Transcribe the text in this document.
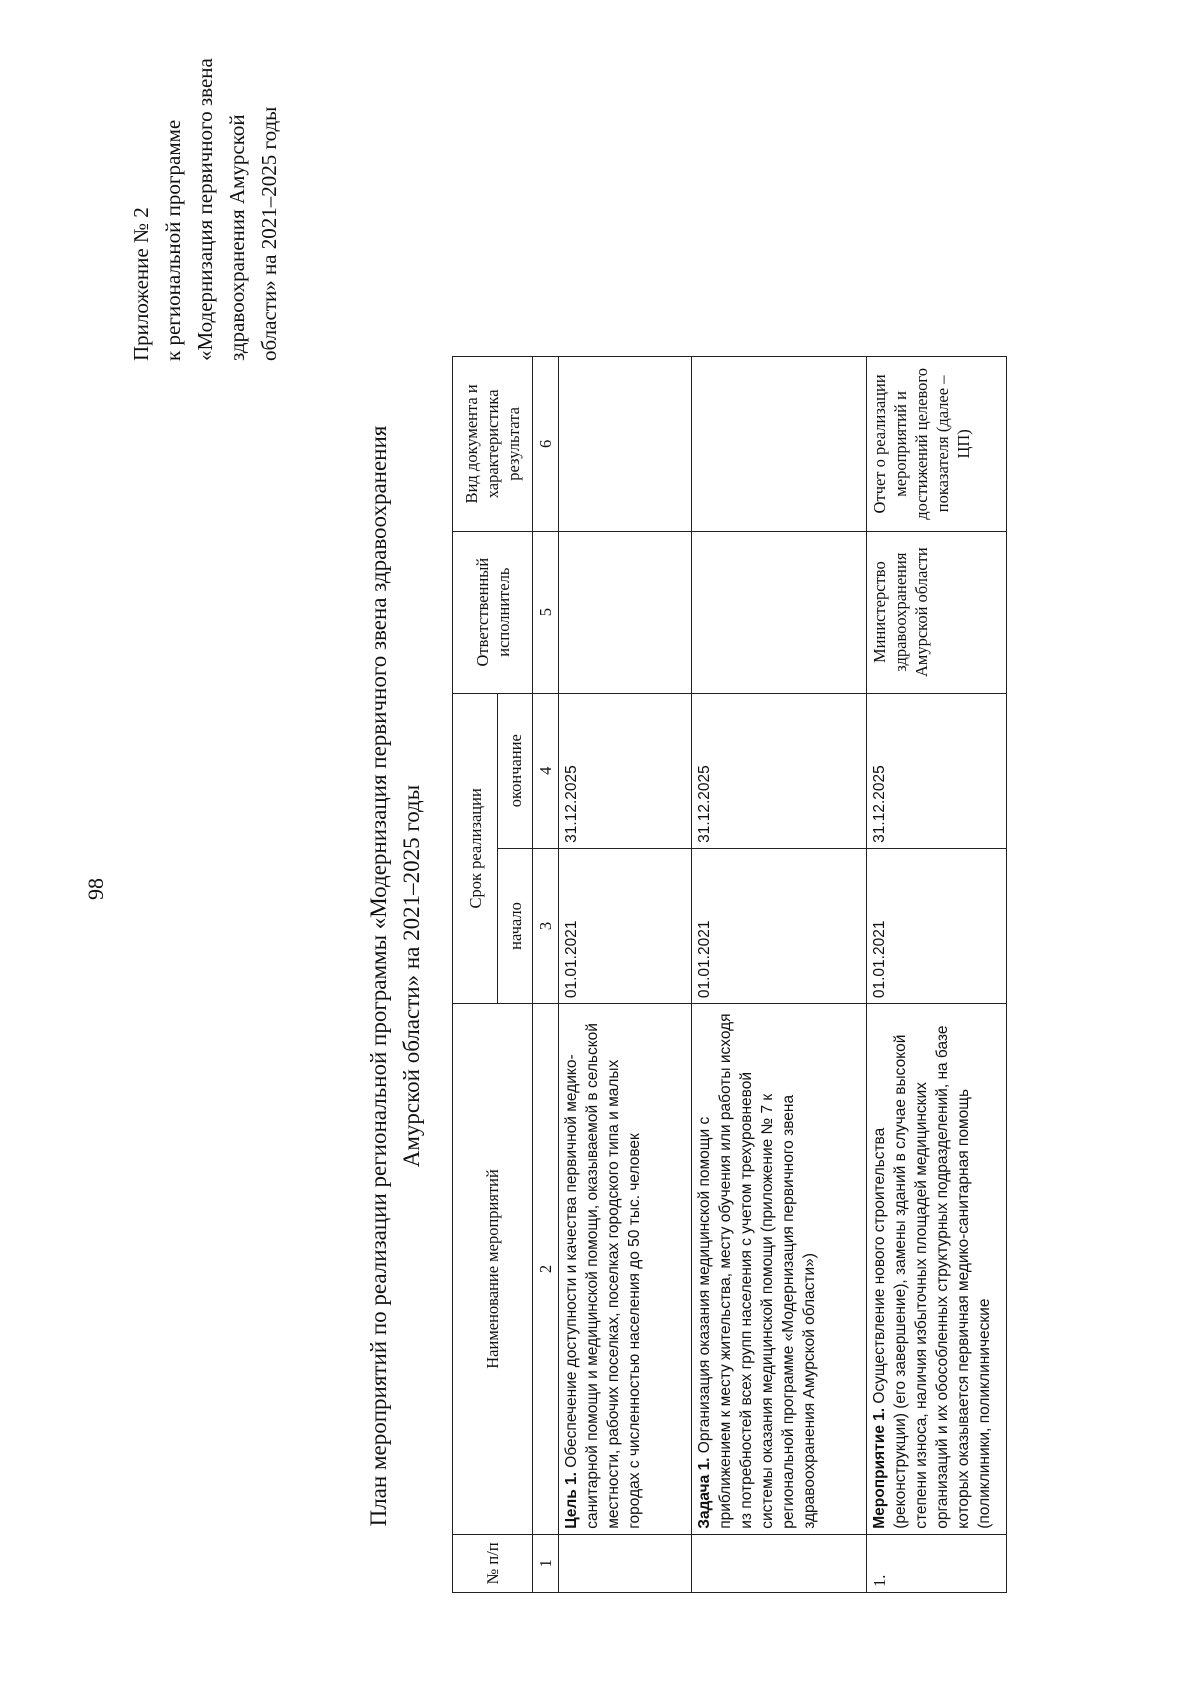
98
Приложение № 2 к региональной программе «Модернизация первичного звена здравоохранения Амурской области» на 2021–2025 годы
План мероприятий по реализации региональной программы «Модернизация первичного звена здравоохранения Амурской области» на 2021–2025 годы
№ п/п	Наименование мероприятий	Срок реализации		Ответственный исполнитель	Вид документа и характеристика результата
		начало	окончание		
1	2	3	4	5	6
	Цель 1. Обеспечение доступности и качества первичной медико-санитарной помощи и медицинской помощи, оказываемой в сельской местности, рабочих поселках, поселках городского типа и малых городах с численностью населения до 50 тыс. человек	01.01.2021	31.12.2025		
	Задача 1. Организация оказания медицинской помощи с приближением к месту жительства, месту обучения или работы исходя из потребностей всех групп населения с учетом трехуровневой системы оказания медицинской помощи (приложение № 7 к региональной программе «Модернизация первичного звена здравоохранения Амурской области»)	01.01.2021	31.12.2025		
1.	Мероприятие 1. Осуществление нового строительства (реконструкции) (его завершение), замены зданий в случае высокой степени износа, наличия избыточных площадей медицинских организаций и их обособленных структурных подразделений, на базе которых оказывается первичная медико-санитарная помощь (поликлиники, поликлинические	01.01.2021	31.12.2025	Министерство здравоохранения Амурской области	Отчет о реализации мероприятий и достижений целевого показателя (далее – ЦП)
